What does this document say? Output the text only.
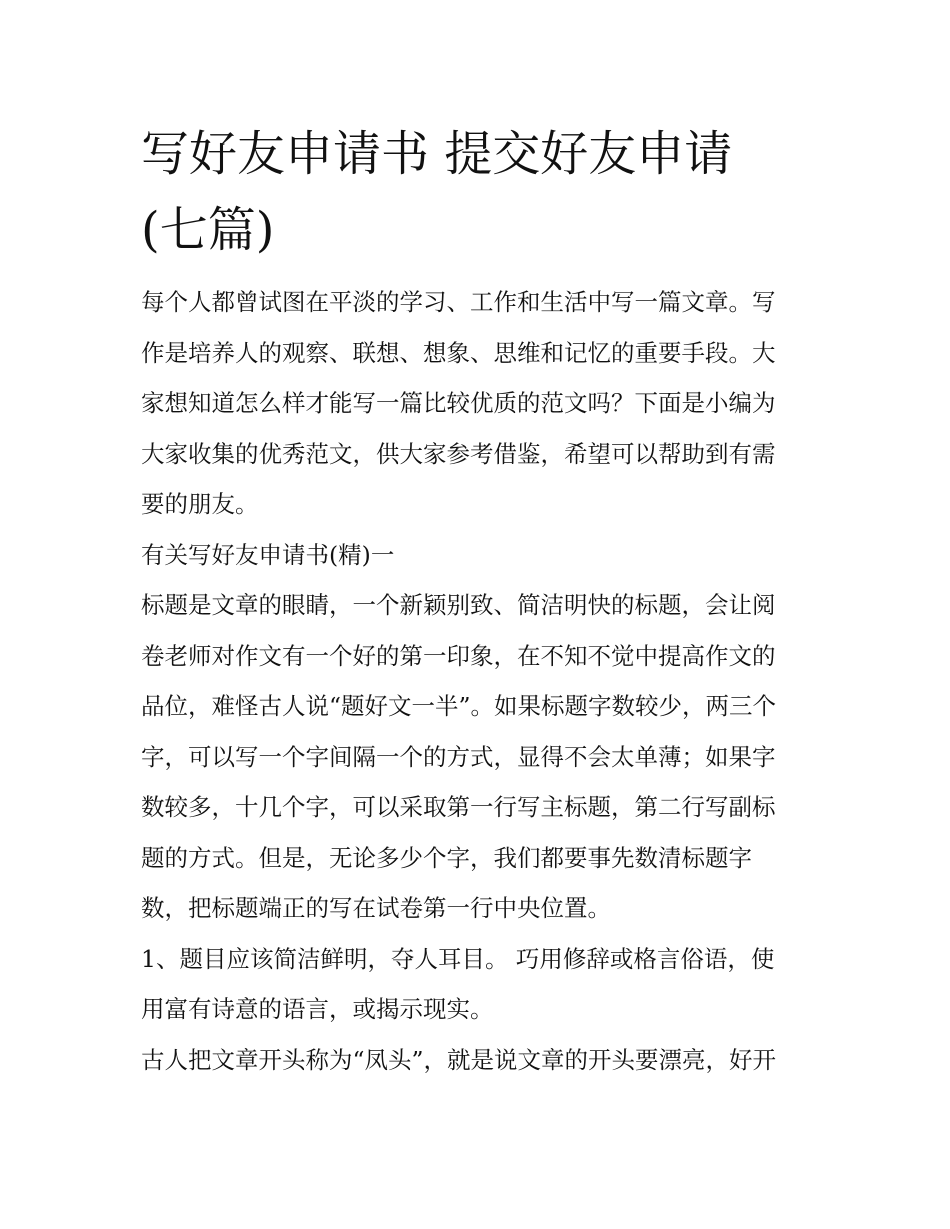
写好友申请书 提交好友申请
(七篇)
每个人都曾试图在平淡的学习、工作和生活中写一篇文章。写
作是培养人的观察、联想、想象、思维和记忆的重要手段。大
家想知道怎么样才能写一篇比较优质的范文吗？下面是小编为
大家收集的优秀范文，供大家参考借鉴，希望可以帮助到有需
要的朋友。
有关写好友申请书(精)一
标题是文章的眼睛，一个新颖别致、简洁明快的标题，会让阅
卷老师对作文有一个好的第一印象，在不知不觉中提高作文的
品位，难怪古人说“题好文一半”。如果标题字数较少，两三个
字，可以写一个字间隔一个的方式，显得不会太单薄；如果字
数较多，十几个字，可以采取第一行写主标题，第二行写副标
题的方式。但是，无论多少个字，我们都要事先数清标题字
数，把标题端正的写在试卷第一行中央位置。
1、题目应该简洁鲜明，夺人耳目。 巧用修辞或格言俗语，使
用富有诗意的语言，或揭示现实。
古人把文章开头称为“凤头”，就是说文章的开头要漂亮，好开
